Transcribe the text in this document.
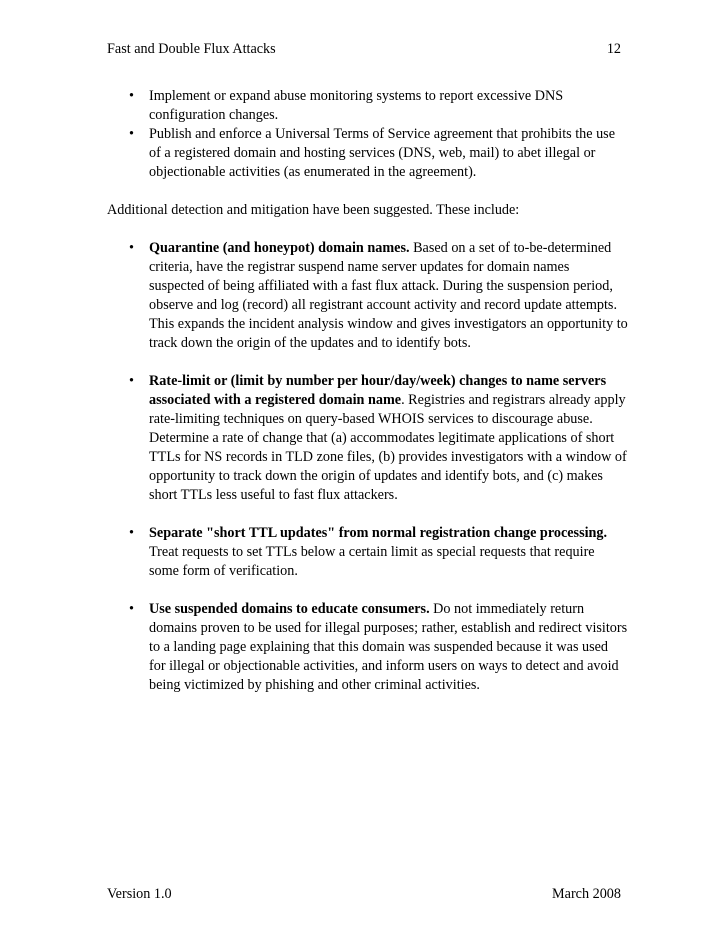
Fast and Double Flux Attacks	12
• Implement or expand abuse monitoring systems to report excessive DNS configuration changes.
• Publish and enforce a Universal Terms of Service agreement that prohibits the use of a registered domain and hosting services (DNS, web, mail) to abet illegal or objectionable activities (as enumerated in the agreement).

Additional detection and mitigation have been suggested. These include:

• Quarantine (and honeypot) domain names. Based on a set of to-be-determined criteria, have the registrar suspend name server updates for domain names suspected of being affiliated with a fast flux attack. During the suspension period, observe and log (record) all registrant account activity and record update attempts. This expands the incident analysis window and gives investigators an opportunity to track down the origin of the updates and to identify bots.
• Rate-limit or (limit by number per hour/day/week) changes to name servers associated with a registered domain name. Registries and registrars already apply rate-limiting techniques on query-based WHOIS services to discourage abuse. Determine a rate of change that (a) accommodates legitimate applications of short TTLs for NS records in TLD zone files, (b) provides investigators with a window of opportunity to track down the origin of updates and identify bots, and (c) makes short TTLs less useful to fast flux attackers.
• Separate "short TTL updates" from normal registration change processing. Treat requests to set TTLs below a certain limit as special requests that require some form of verification.
• Use suspended domains to educate consumers. Do not immediately return domains proven to be used for illegal purposes; rather, establish and redirect visitors to a landing page explaining that this domain was suspended because it was used for illegal or objectionable activities, and inform users on ways to detect and avoid being victimized by phishing and other criminal activities.
Version 1.0	March 2008
